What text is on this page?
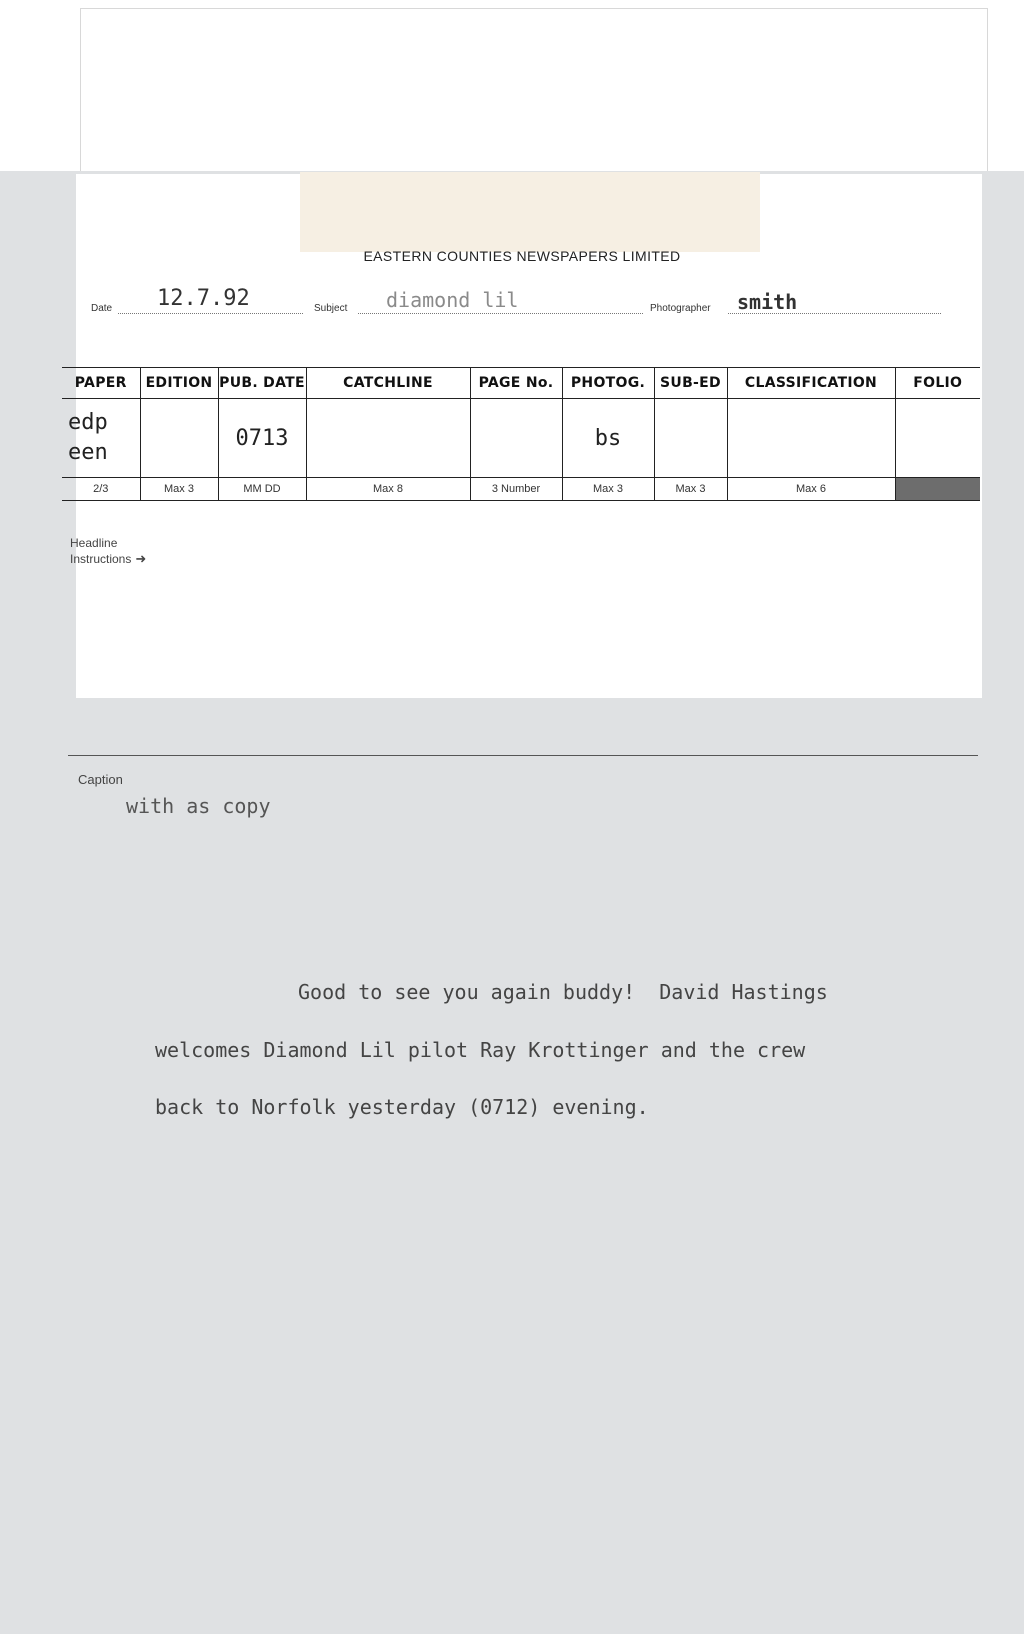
EASTERN COUNTIES NEWSPAPERS LIMITED
Date 12.7.92	Subject diamond lil	Photographer smith
PAPER	EDITION	PUB. DATE	CATCHLINE	PAGE No.	PHOTOG.	SUB-ED	CLASSIFICATION	FOLIO

edp
een		0713			bs			
2/3	Max 3	MM DD	Max 8	3 Number	Max 3	Max 3	Max 6	
Headline
Instructions ➜
Caption
with as copy
Good to see you again buddy!  David Hastings
welcomes Diamond Lil pilot Ray Krottinger and the crew
back to Norfolk yesterday (0712) evening.
